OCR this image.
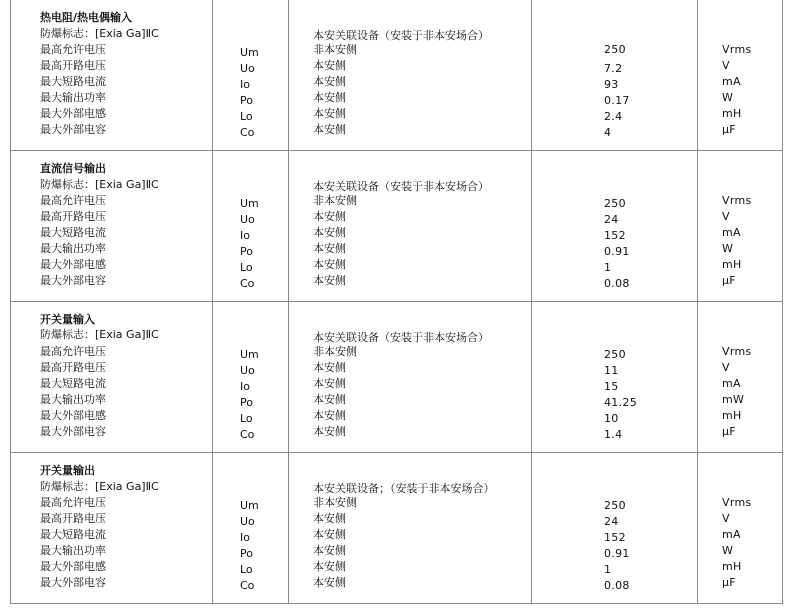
热电阻/热电偶输入
防爆标志：[Exia Ga]ⅡC	本安关联设备（安装于非本安场合）
最高允许电压	Um	非本安侧	250	Vrms
最高开路电压	Uo	本安侧	7.2	V
最大短路电流	Io	本安侧	93	mA
最大输出功率	Po	本安侧	0.17	W
最大外部电感	Lo	本安侧	2.4	mH
最大外部电容	Co	本安侧	4	μF
直流信号输出
防爆标志：[Exia Ga]ⅡC	本安关联设备（安装于非本安场合）
最高允许电压	Um	非本安侧	250	Vrms
最高开路电压	Uo	本安侧	24	V
最大短路电流	Io	本安侧	152	mA
最大输出功率	Po	本安侧	0.91	W
最大外部电感	Lo	本安侧	1	mH
最大外部电容	Co	本安侧	0.08	μF
开关量输入
防爆标志：[Exia Ga]ⅡC	本安关联设备（安装于非本安场合）
最高允许电压	Um	非本安侧	250	Vrms
最高开路电压	Uo	本安侧	11	V
最大短路电流	Io	本安侧	15	mA
最大输出功率	Po	本安侧	41.25	mW
最大外部电感	Lo	本安侧	10	mH
最大外部电容	Co	本安侧	1.4	μF
开关量输出
防爆标志：[Exia Ga]ⅡC	本安关联设备；（安装于非本安场合）
最高允许电压	Um	非本安侧	250	Vrms
最高开路电压	Uo	本安侧	24	V
最大短路电流	Io	本安侧	152	mA
最大输出功率	Po	本安侧	0.91	W
最大外部电感	Lo	本安侧	1	mH
最大外部电容	Co	本安侧	0.08	μF
